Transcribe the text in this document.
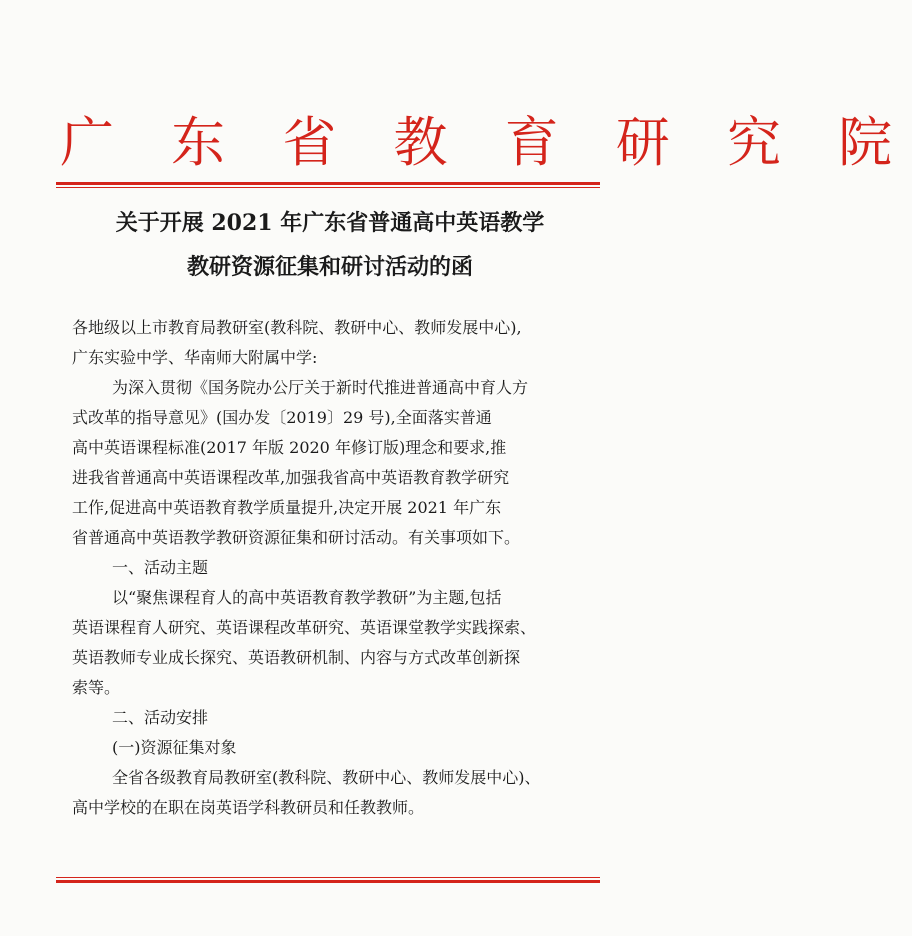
广 东 省 教 育 研 究 院
关于开展 2021 年广东省普通高中英语教学
教研资源征集和研讨活动的函
各地级以上市教育局教研室(教科院、教研中心、教师发展中心),
广东实验中学、华南师大附属中学:
为深入贯彻《国务院办公厅关于新时代推进普通高中育人方
式改革的指导意见》(国办发〔2019〕29 号),全面落实普通
高中英语课程标准(2017 年版 2020 年修订版)理念和要求,推
进我省普通高中英语课程改革,加强我省高中英语教育教学研究
工作,促进高中英语教育教学质量提升,决定开展 2021 年广东
省普通高中英语教学教研资源征集和研讨活动。有关事项如下。
一、活动主题
以“聚焦课程育人的高中英语教育教学教研”为主题,包括
英语课程育人研究、英语课程改革研究、英语课堂教学实践探索、
英语教师专业成长探究、英语教研机制、内容与方式改革创新探
索等。
二、活动安排
(一)资源征集对象
全省各级教育局教研室(教科院、教研中心、教师发展中心)、
高中学校的在职在岗英语学科教研员和任教教师。
